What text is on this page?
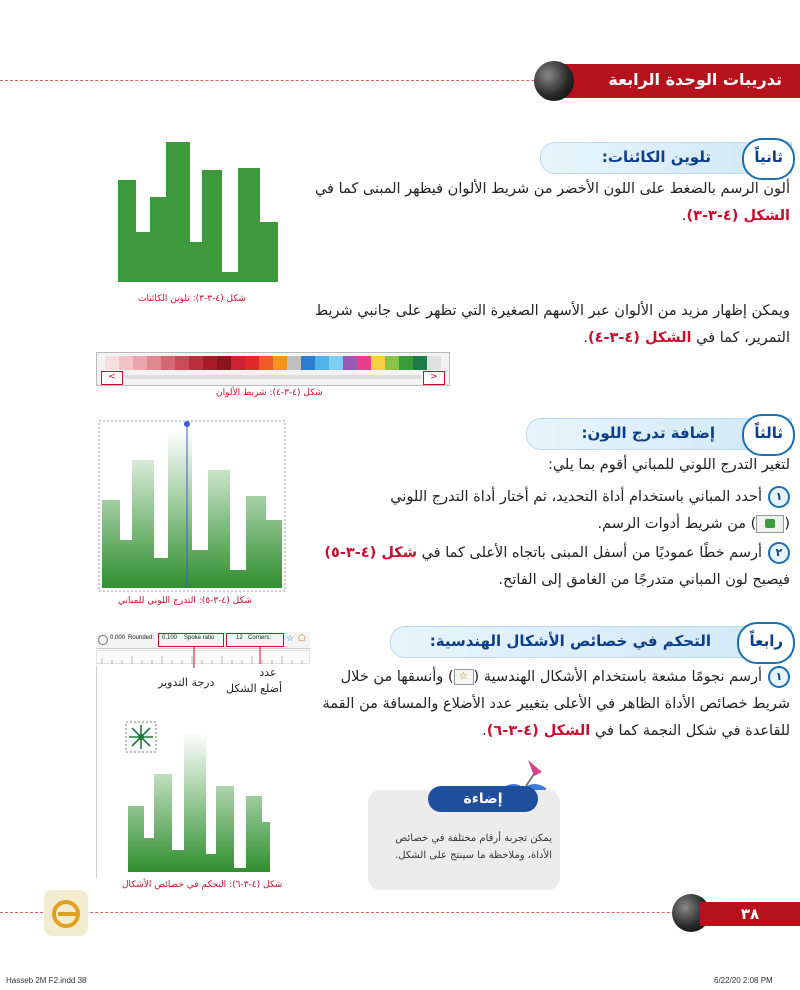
تدريبات الوحدة الرابعة
ثانياً
تلوين الكائنات:
شكل (٤-٣-٣): تلوين الكائنات
ألون الرسم بالضغط على اللون الأخضر من شريط الألوان فيظهر المبنى كما في الشكل (٤-٣-٣).
ويمكن إظهار مزيد من الألوان عبر الأسهم الصغيرة التي تظهر على جانبي شريط التمرير، كما في الشكل (٤-٣-٤).
<	>
شكل (٤-٣-٤): شريط الألوان
ثالثاً
إضافة تدرج اللون:
شكل (٤-٣-٥): التدرج اللوني للمباني
لتغير التدرج اللوني للمباني أقوم بما يلي:
١أحدد المباني باستخدام أداة التحديد، ثم أختار أداة التدرج اللوني
() من شريط أدوات الرسم.
٢أرسم خطًا عموديًا من أسفل المبنى باتجاه الأعلى كما في شكل (٤-٣-٥) فيصبح لون المباني متدرجًا من الغامق إلى الفاتح.
رابعاً
التحكم في خصائص الأشكال الهندسية:
0.000 Rounded: 0.100 Spoke ratio	12 Corners: ☆ ⬠
درجة التدوير
عدد
أضلع الشكل
شكل (٤-٣-٦): التحكم في خصائص الأشكال
١أرسم نجومًا مشعة باستخدام الأشكال الهندسية (☆) وأنسقها من خلال شريط خصائص الأداة الظاهر في الأعلى بتغيير عدد الأضلاع والمسافة من القمة للقاعدة في شكل النجمة كما في الشكل (٤-٣-٦).
إضاءة
يمكن تجربة أرقام مختلفة في خصائص الأداة، وملاحظة ما سينتج على الشكل.
٣٨
Hasseb 2M F2.indd 38	6/22/20 2:08 PM
